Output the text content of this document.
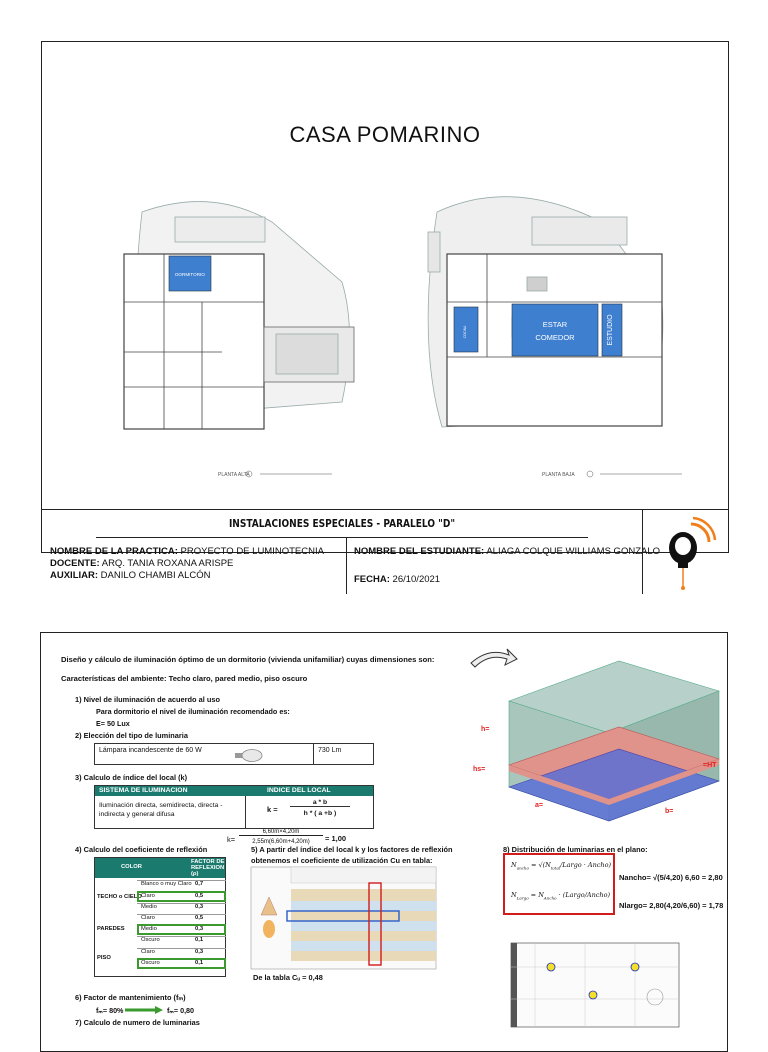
CASA POMARINO
DORMITORIO
PLANTA ALTA
COCINA
ESTAR
COMEDOR	ESTUDIO
PLANTA BAJA
INSTALACIONES ESPECIALES - PARALELO "D"
NOMBRE DE LA PRACTICA: PROYECTO DE LUMINOTECNIA
DOCENTE: ARQ. TANIA ROXANA ARISPE
AUXILIAR: DANILO CHAMBI ALCÓN
NOMBRE DEL ESTUDIANTE: ALIAGA COLQUE WILLIAMS GONZALO
FECHA: 26/10/2021
Diseño y cálculo de iluminación óptimo de un dormitorio (vivienda unifamiliar) cuyas dimensiones son:
Características del ambiente: Techo claro, pared medio, piso oscuro
1) Nivel de iluminación de acuerdo al uso
Para dormitorio el nivel de iluminación recomendado es:
E= 50 Lux
2) Elección del tipo de luminaria
Lámpara incandescente de 60 W	730 Lm
3) Calculo de índice del local (k)
SISTEMA DE ILUMINACION	INDICE DEL LOCAL
Iluminación directa, semidirecta, directa -
indirecta y general difusa
k =
a * b
h * ( a +b )
k=
6,60m×4,20m
2,55m(6,60m+4,20m)	= 1,00
4) Calculo del coeficiente de reflexión
COLOR
FACTOR DE REFLEXION (ρ)
TECHO o CIELO
Blanco o muy Claro 0,7
Claro	0,5
Medio	0,3
PAREDES
Claro	0,5
Medio	0,3
Oscuro	0,1
PISO
Claro	0,3
Oscuro	0,1
5) A partir del índice del local k y los factores de reflexión
obtenemos el coeficiente de utilización Cu en tabla:
De la tabla Cᵤ = 0,48
h=
hs=
a=
b=
=HT
8) Distribución de luminarias en el plano:
$N_{ancho}$ = $√(N_{total}$/Largo · Ancho)
$N_{Largo} = N_{Ancho}$ · (Largo/Ancho)
Nancho= √(5/4,20) 6,60 = 2,80
Nlargo= 2,80(4,20/6,60) = 1,78
6) Factor de mantenimiento (fₘ)
fₘ= 80%	fₘ= 0,80
7) Calculo de numero de luminarias
